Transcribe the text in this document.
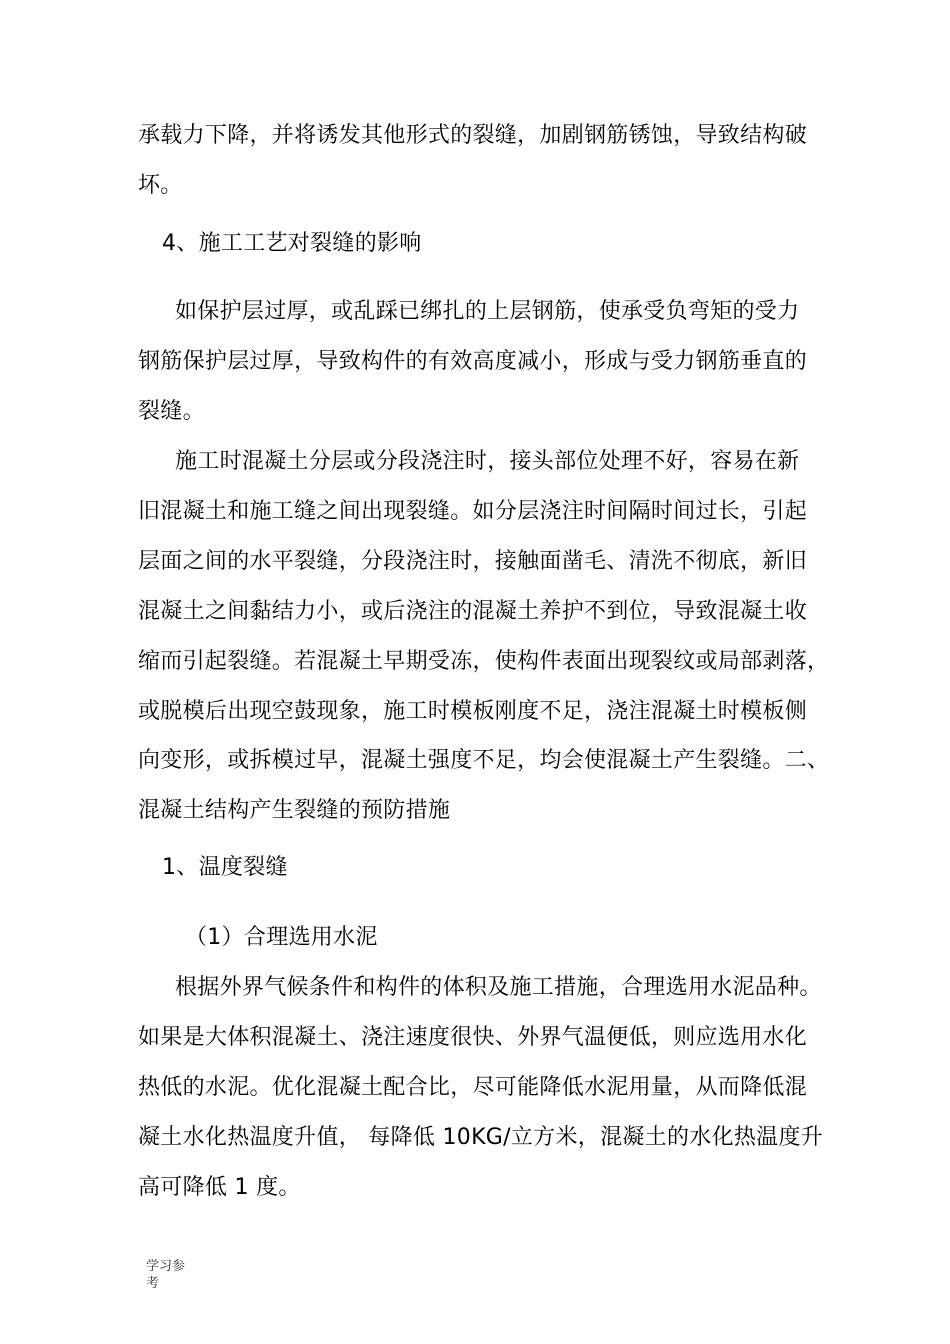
承载力下降，并将诱发其他形式的裂缝，加剧钢筋锈蚀，导致结构破
坏。
4、施工工艺对裂缝的影响
如保护层过厚，或乱踩已绑扎的上层钢筋，使承受负弯矩的受力
钢筋保护层过厚，导致构件的有效高度减小，形成与受力钢筋垂直的
裂缝。
施工时混凝土分层或分段浇注时，接头部位处理不好，容易在新
旧混凝土和施工缝之间出现裂缝。如分层浇注时间隔时间过长，引起
层面之间的水平裂缝，分段浇注时，接触面凿毛、清洗不彻底，新旧
混凝土之间黏结力小，或后浇注的混凝土养护不到位，导致混凝土收
缩而引起裂缝。若混凝土早期受冻，使构件表面出现裂纹或局部剥落，
或脱模后出现空鼓现象，施工时模板刚度不足，浇注混凝土时模板侧
向变形，或拆模过早，混凝土强度不足，均会使混凝土产生裂缝。二、
混凝土结构产生裂缝的预防措施
1、温度裂缝
（1）合理选用水泥
根据外界气候条件和构件的体积及施工措施，合理选用水泥品种。
如果是大体积混凝土、浇注速度很快、外界气温便低，则应选用水化
热低的水泥。优化混凝土配合比，尽可能降低水泥用量，从而降低混
凝土水化热温度升值， 每降低 10KG/立方米，混凝土的水化热温度升
高可降低 1 度。
学习参
考
